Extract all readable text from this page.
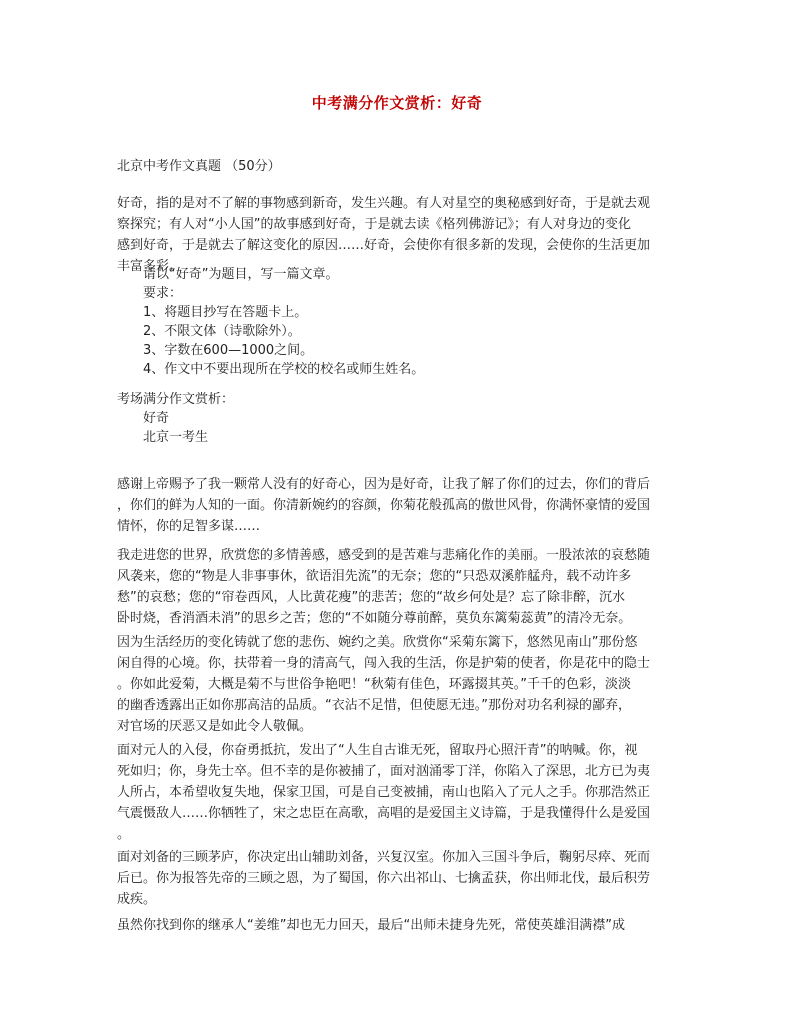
中考满分作文赏析：好奇
北京中考作文真题 （50分）
好奇，指的是对不了解的事物感到新奇，发生兴趣。有人对星空的奥秘感到好奇，于是就去观
察探究；有人对“小人国”的故事感到好奇，于是就去读《格列佛游记》；有人对身边的变化
感到好奇，于是就去了解这变化的原因……好奇，会使你有很多新的发现，会使你的生活更加
丰富多彩。
请以“好奇”为题目，写一篇文章。
要求：
1、将题目抄写在答题卡上。
2、不限文体（诗歌除外）。
3、字数在600—1000之间。
4、作文中不要出现所在学校的校名或师生姓名。
考场满分作文赏析：
好奇
北京一考生
感谢上帝赐予了我一颗常人没有的好奇心，因为是好奇，让我了解了你们的过去，你们的背后
，你们的鲜为人知的一面。你清新婉约的容颜，你菊花般孤高的傲世风骨，你满怀豪情的爱国
情怀，你的足智多谋……
我走进您的世界，欣赏您的多情善感，感受到的是苦难与悲痛化作的美丽。一股浓浓的哀愁随
风袭来，您的“物是人非事事休，欲语泪先流”的无奈；您的“只恐双溪舴艋舟，载不动许多
愁”的哀愁；您的“帘卷西风，人比黄花瘦”的悲苦；您的“故乡何处是？忘了除非醉，沉水
卧时烧，香消酒未消”的思乡之苦；您的“不如随分尊前醉，莫负东篱菊蕊黄”的清冷无奈。
因为生活经历的变化铸就了您的悲伤、婉约之美。欣赏你“采菊东篱下，悠然见南山”那份悠
闲自得的心境。你，扶带着一身的清高气，闯入我的生活，你是护菊的使者，你是花中的隐士
。你如此爱菊，大概是菊不与世俗争艳吧！“秋菊有佳色，环露掇其英。”千千的色彩，淡淡
的幽香透露出正如你那高洁的品质。“衣沾不足惜，但使愿无违。”那份对功名利禄的鄙弃，
对官场的厌恶又是如此令人敬佩。
面对元人的入侵，你奋勇抵抗，发出了“人生自古谁无死，留取丹心照汗青”的呐喊。你，视
死如归；你，身先士卒。但不幸的是你被捕了，面对汹涌零丁洋，你陷入了深思，北方已为夷
人所占，本希望收复失地，保家卫国，可是自己变被捕，南山也陷入了元人之手。你那浩然正
气震慑敌人……你牺牲了，宋之忠臣在高歌，高唱的是爱国主义诗篇，于是我懂得什么是爱国
。
面对刘备的三顾茅庐，你决定出山辅助刘备，兴复汉室。你加入三国斗争后，鞠躬尽瘁、死而
后已。你为报答先帝的三顾之恩，为了蜀国，你六出祁山、七擒孟获，你出师北伐，最后积劳
成疾。
虽然你找到你的继承人“姜维”却也无力回天，最后“出师未捷身先死，常使英雄泪满襟”成
